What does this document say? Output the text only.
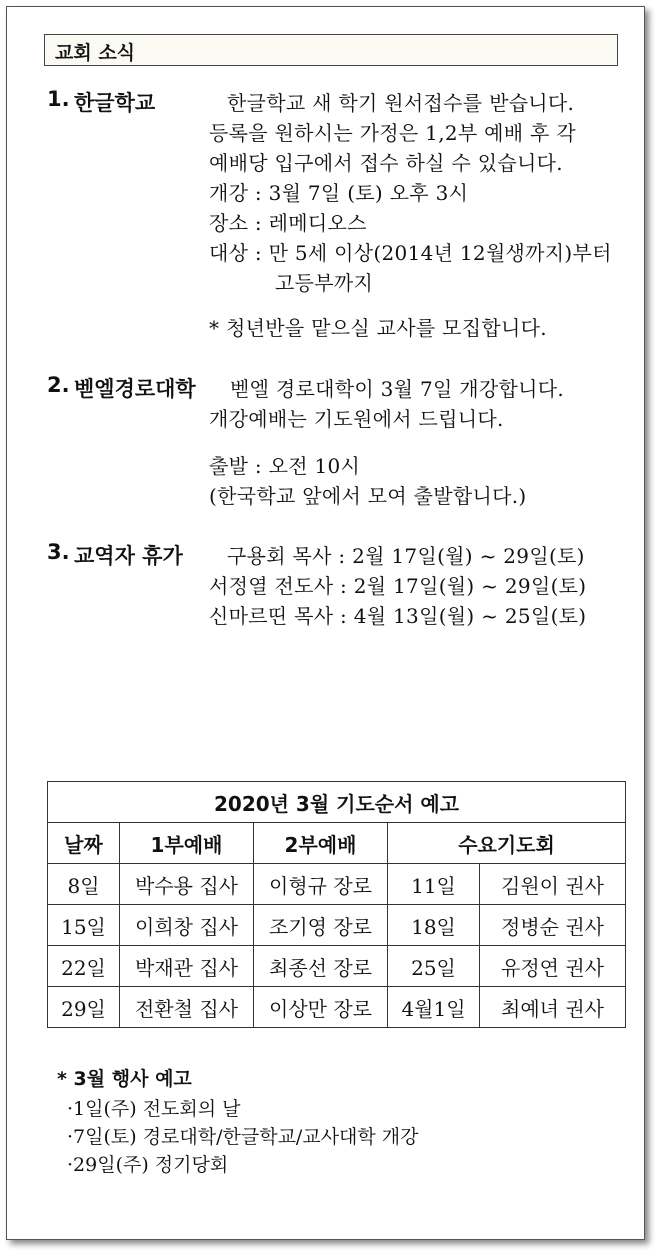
교회 소식
1. 한글학교	한글학교 새 학기 원서접수를 받습니다.
등록을 원하시는 가정은 1,2부 예배 후 각
예배당 입구에서 접수 하실 수 있습니다.
개강 : 3월 7일 (토) 오후 3시
장소 : 레메디오스
대상 : 만 5세 이상(2014년 12월생까지)부터
고등부까지
* 청년반을 맡으실 교사를 모집합니다.
2. 벧엘경로대학 벧엘 경로대학이 3월 7일 개강합니다.
개강예배는 기도원에서 드립니다.
출발 : 오전 10시
(한국학교 앞에서 모여 출발합니다.)
3. 교역자 휴가 구용회 목사 : 2월 17일(월) ~ 29일(토)
서정열 전도사 : 2월 17일(월) ~ 29일(토)
신마르띤 목사 : 4월 13일(월) ~ 25일(토)
2020년 3월 기도순서 예고				
날짜	1부예배	2부예배	수요기도회	
8일	박수용 집사	이형규 장로	11일	김원이 권사
15일	이희창 집사	조기영 장로	18일	정병순 권사
22일	박재관 집사	최종선 장로	25일	유정연 권사
29일	전환철 집사	이상만 장로	4월1일	최예녀 권사
* 3월 행사 예고
·1일(주) 전도회의 날
·7일(토) 경로대학/한글학교/교사대학 개강
·29일(주) 정기당회
